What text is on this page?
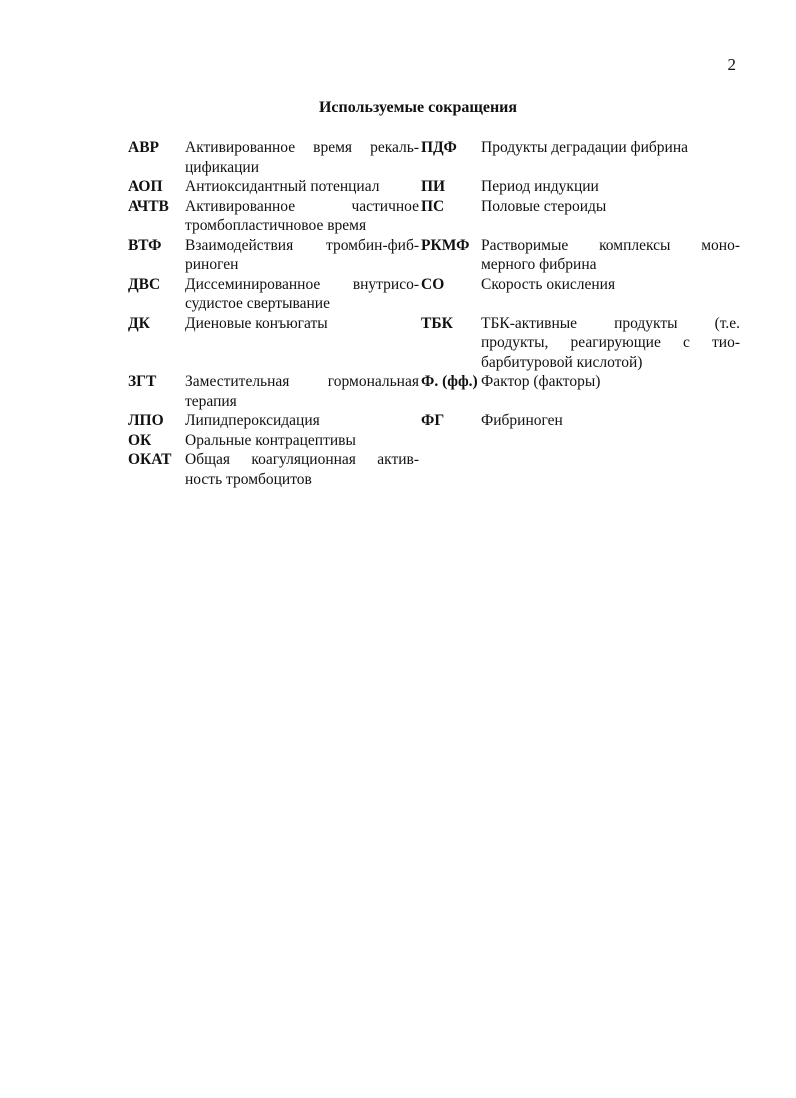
2
Используемые сокращения
АВР	Активированное время рекаль-цификации	ПДФ	Продукты деградации фибрина
АОП	Антиоксидантный потенциал	ПИ	Период индукции
АЧТВ	Активированное частичное тромбопластичновое время	ПС	Половые стероиды
ВТФ	Взаимодействия тромбин-фиб-риноген	РКМФ	Растворимые комплексы моно-мерного фибрина
ДВС	Диссеминированное внутрисо-судистое свертывание	СО	Скорость окисления
ДК	Диеновые конъюгаты	ТБК	ТБК-активные продукты (т.е. продукты, реагирующие с тио-барбитуровой кислотой)
ЗГТ	Заместительная гормональная терапия	Ф. (фф.)	Фактор (факторы)
ЛПО	Липидпероксидация	ФГ	Фибриноген
ОК	Оральные контрацептивы		
ОКАТ	Общая коагуляционная актив-ность тромбоцитов		
